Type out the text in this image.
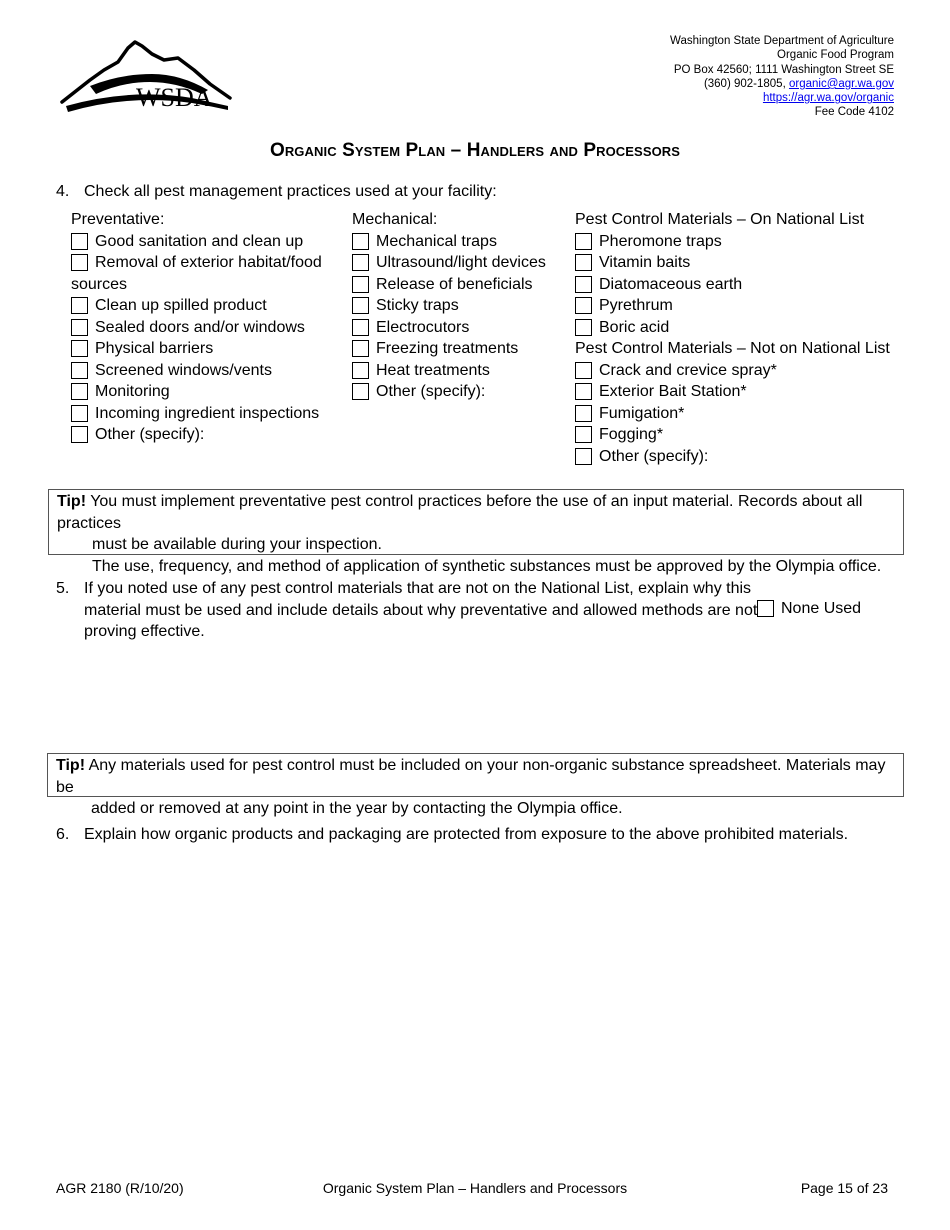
WSDA
Washington State Department of Agriculture
Organic Food Program
PO Box 42560; 1111 Washington Street SE
(360) 902-1805, organic@agr.wa.gov
https://agr.wa.gov/organic
Fee Code 4102
Organic System Plan – Handlers and Processors
4. Check all pest management practices used at your facility:
Preventative:
Good sanitation and clean up
Removal of exterior habitat/food
sources
Clean up spilled product
Sealed doors and/or windows
Physical barriers
Screened windows/vents
Monitoring
Incoming ingredient inspections
Other (specify):
Mechanical:
Mechanical traps
Ultrasound/light devices
Release of beneficials
Sticky traps
Electrocutors
Freezing treatments
Heat treatments
Other (specify):
Pest Control Materials – On National List
Pheromone traps
Vitamin baits
Diatomaceous earth
Pyrethrum
Boric acid
Pest Control Materials – Not on National List
Crack and crevice spray*
Exterior Bait Station*
Fumigation*
Fogging*
Other (specify):
Tip! You must implement preventative pest control practices before the use of an input material. Records about all practices
must be available during your inspection.
The use, frequency, and method of application of synthetic substances must be approved by the Olympia office.
5. If you noted use of any pest control materials that are not on the National List, explain why this
material must be used and include details about why preventative and allowed methods are not
proving effective.
None Used
Tip! Any materials used for pest control must be included on your non-organic substance spreadsheet. Materials may be
added or removed at any point in the year by contacting the Olympia office.
6. Explain how organic products and packaging are protected from exposure to the above prohibited materials.
AGR 2180 (R/10/20)	Organic System Plan – Handlers and Processors	Page 15 of 23
